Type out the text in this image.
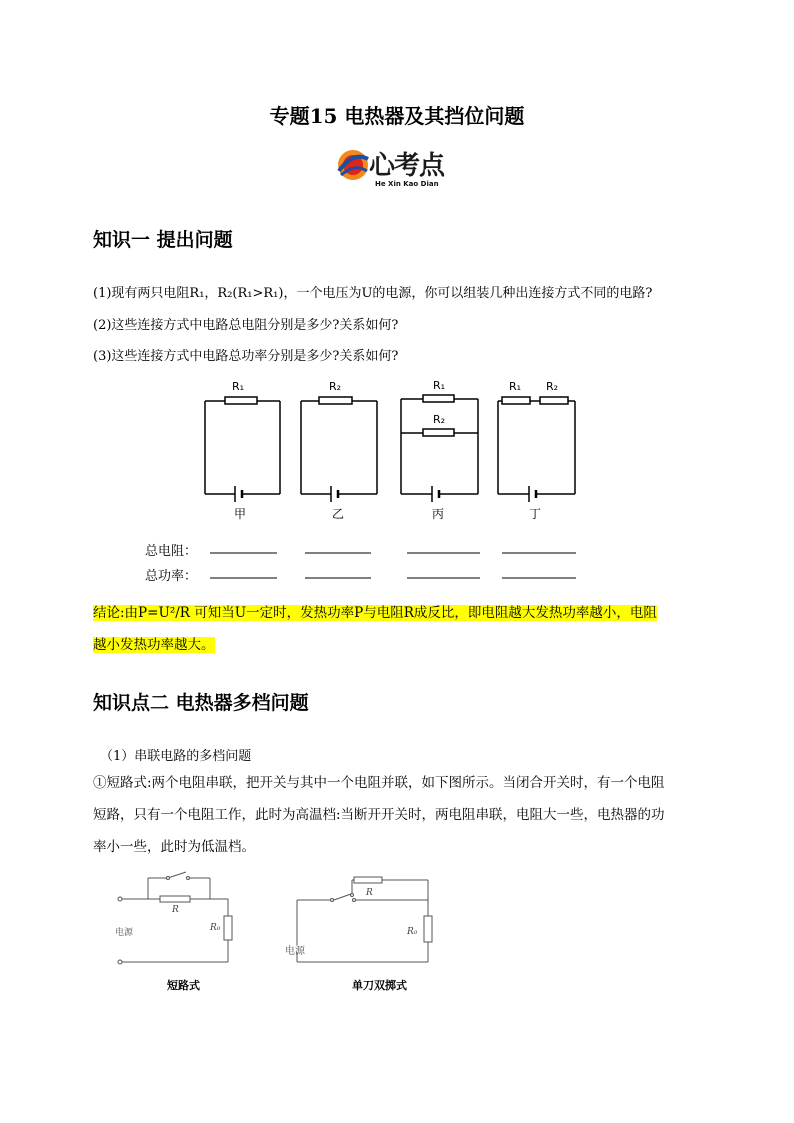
专题15 电热器及其挡位问题
心考点
He Xin Kao Dian
知识一 提出问题
(1)现有两只电阻R₁，R₂(R₁>R₁)，一个电压为U的电源，你可以组装几种出连接方式不同的电路?
(2)这些连接方式中电路总电阻分别是多少?关系如何?
(3)这些连接方式中电路总功率分别是多少?关系如何?
R₁	R₂	R₁
R₂
R₁ R₂
甲	乙	丙	丁
总电阻：
总功率：
结论:由P=U²/R 可知当U一定时，发热功率P与电阻R成反比，即电阻越大发热功率越小，电阻
越小发热功率越大。
知识点二 电热器多档问题
（1）串联电路的多档问题
①短路式:两个电阻串联，把开关与其中一个电阻并联，如下图所示。当闭合开关时，有一个电阻
短路，只有一个电阻工作，此时为高温档:当断开开关时，两电阻串联，电阻大一些，电热器的功
率小一些，此时为低温档。
R
R₀
电源
短路式
R
R₀
电源
单刀双掷式
